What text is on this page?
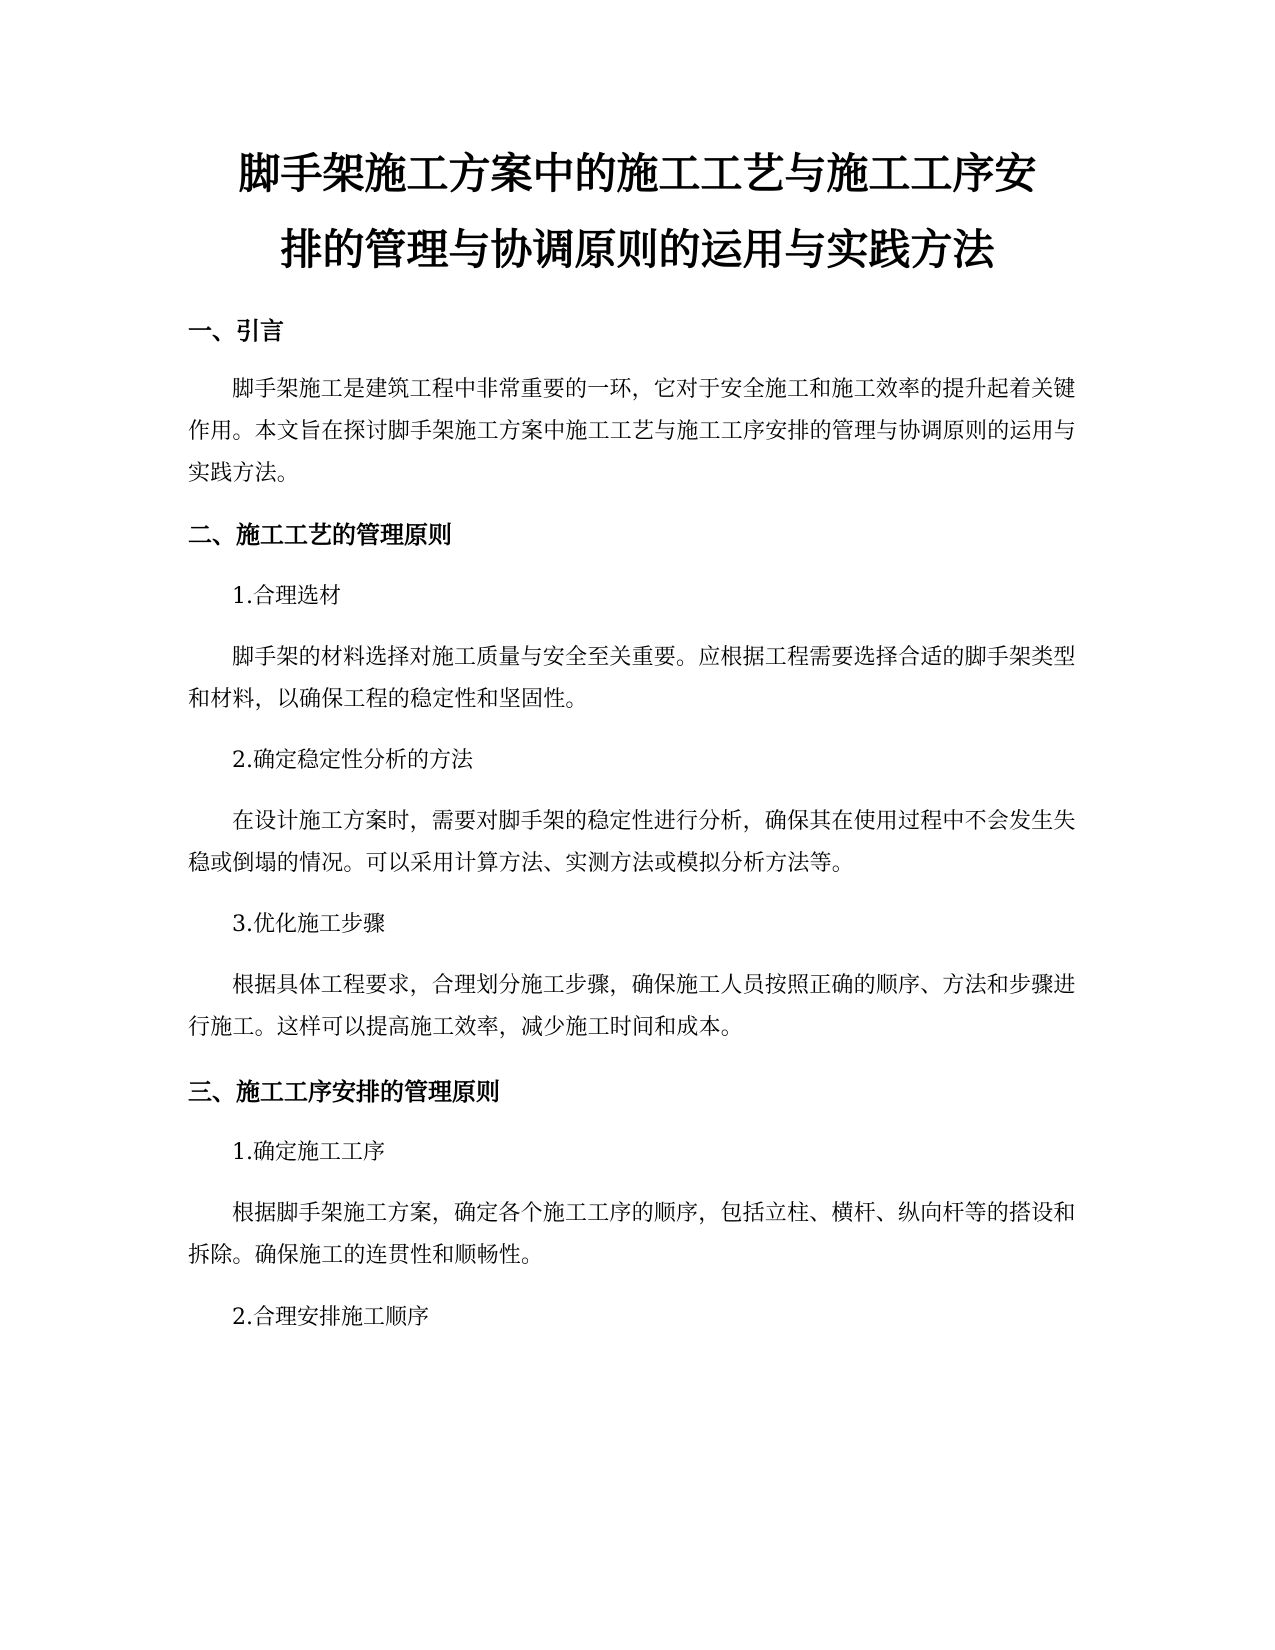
脚手架施工方案中的施工工艺与施工工序安
排的管理与协调原则的运用与实践方法
一、引言

脚手架施工是建筑工程中非常重要的一环，它对于安全施工和施工效率的提升起着关键作用。本文旨在探讨脚手架施工方案中施工工艺与施工工序安排的管理与协调原则的运用与实践方法。

二、施工工艺的管理原则
1.合理选材

脚手架的材料选择对施工质量与安全至关重要。应根据工程需要选择合适的脚手架类型和材料，以确保工程的稳定性和坚固性。

2.确定稳定性分析的方法

在设计施工方案时，需要对脚手架的稳定性进行分析，确保其在使用过程中不会发生失稳或倒塌的情况。可以采用计算方法、实测方法或模拟分析方法等。

3.优化施工步骤

根据具体工程要求，合理划分施工步骤，确保施工人员按照正确的顺序、方法和步骤进行施工。这样可以提高施工效率，减少施工时间和成本。

三、施工工序安排的管理原则
1.确定施工工序

根据脚手架施工方案，确定各个施工工序的顺序，包括立柱、横杆、纵向杆等的搭设和拆除。确保施工的连贯性和顺畅性。

2.合理安排施工顺序
